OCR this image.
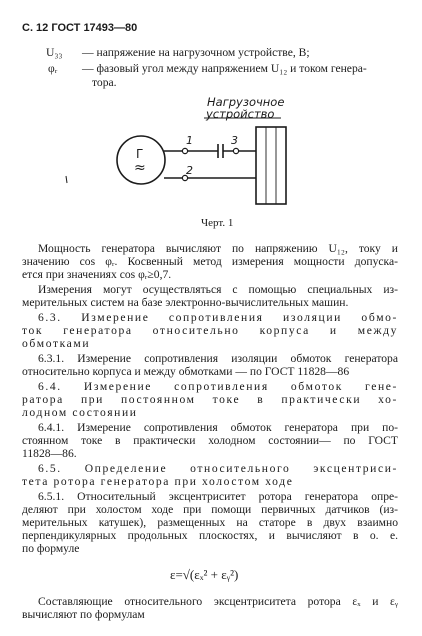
С. 12 ГОСТ 17493—80
U₃₃ — напряжение на нагрузочном устройстве, В;
φᵣ — фазовый угол между напряжением U₁₂ и током генера-
тора.
Нагрузочное
устройство
Г
≈
1	3
2
Черт. 1
Мощность генератора вычисляют по напряжению U₁₂, току и
значению cos φᵣ. Косвенный метод измерения мощности допуска-
ется при значениях cos φᵣ≥0,7.
Измерения могут осуществляться с помощью специальных из-
мерительных систем на базе электронно-вычислительных машин.
6.3. Измерение сопротивления изоляции обмо-
ток генератора относительно корпуса и между
обмотками
6.3.1. Измерение сопротивления изоляции обмоток генератора
относительно корпуса и между обмотками — по ГОСТ 11828—86
6.4. Измерение сопротивления обмоток гене-
ратора при постоянном токе в практически хо-
лодном состоянии
6.4.1. Измерение сопротивления обмоток генератора при по-
стоянном токе в практически холодном состоянии— по ГОСТ
11828—86.
6.5. Определение относительного эксцентриси-
тета ротора генератора при холостом ходе
6.5.1. Относительный эксцентриситет ротора генератора опре-
деляют при холостом ходе при помощи первичных датчиков (из-
мерительных катушек), размещенных на статоре в двух взаимно
перпендикулярных продольных плоскостях, и вычисляют в о. е.
по формуле
ε=√(εₓ² + εᵧ²)
Составляющие относительного эксцентриситета ротора εₓ и εᵧ
вычисляют по формулам
